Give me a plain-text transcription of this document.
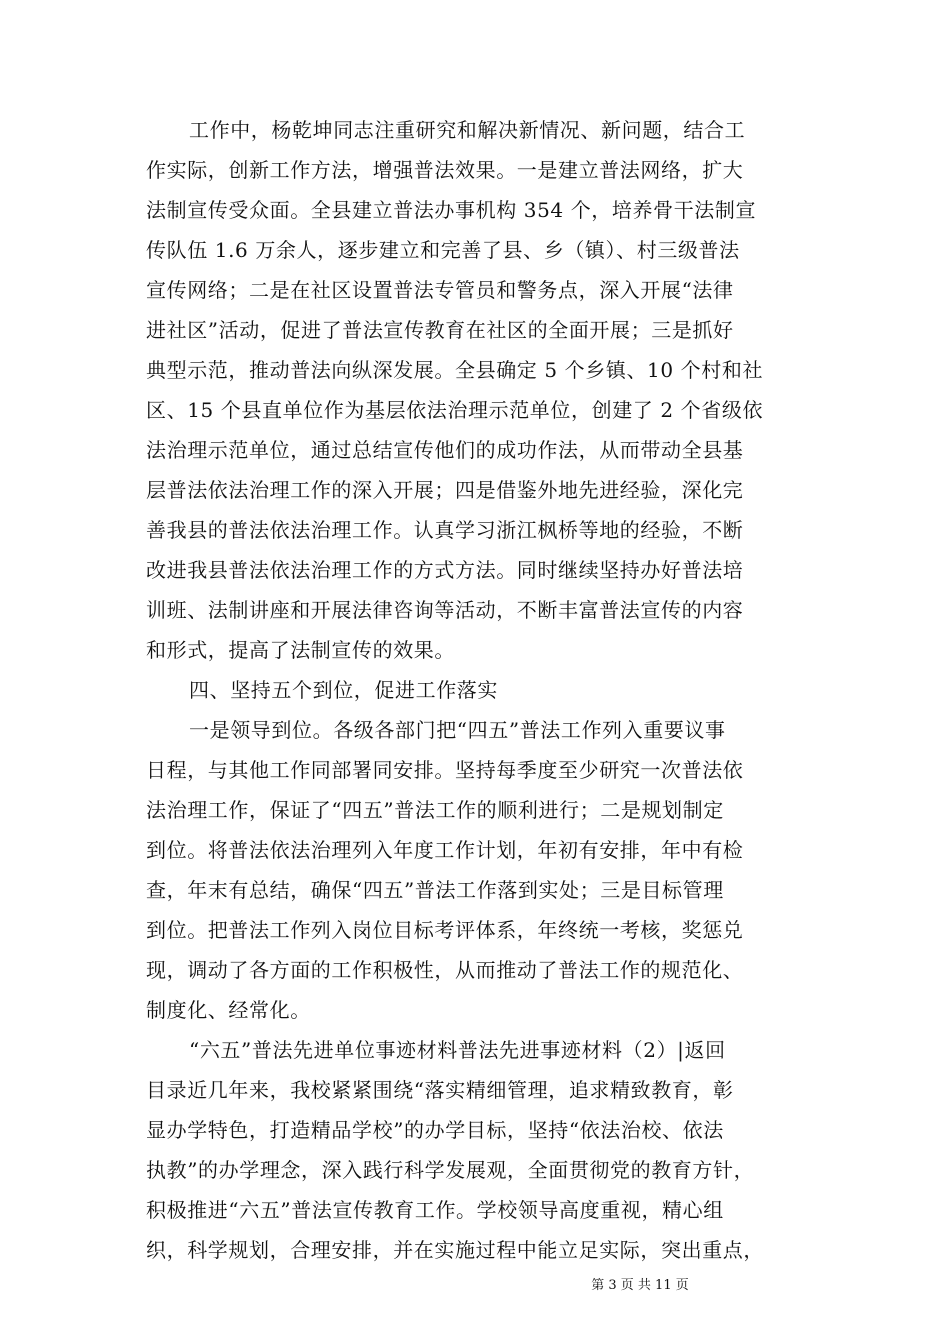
工作中，杨乾坤同志注重研究和解决新情况、新问题，结合工
作实际，创新工作方法，增强普法效果。一是建立普法网络，扩大
法制宣传受众面。全县建立普法办事机构 354 个，培养骨干法制宣
传队伍 1.6 万余人，逐步建立和完善了县、乡（镇）、村三级普法
宣传网络；二是在社区设置普法专管员和警务点，深入开展“法律
进社区”活动，促进了普法宣传教育在社区的全面开展；三是抓好
典型示范，推动普法向纵深发展。全县确定 5 个乡镇、10 个村和社
区、15 个县直单位作为基层依法治理示范单位，创建了 2 个省级依
法治理示范单位，通过总结宣传他们的成功作法，从而带动全县基
层普法依法治理工作的深入开展；四是借鉴外地先进经验，深化完
善我县的普法依法治理工作。认真学习浙江枫桥等地的经验，不断
改进我县普法依法治理工作的方式方法。同时继续坚持办好普法培
训班、法制讲座和开展法律咨询等活动，不断丰富普法宣传的内容
和形式，提高了法制宣传的效果。
四、坚持五个到位，促进工作落实
一是领导到位。各级各部门把“四五”普法工作列入重要议事
日程，与其他工作同部署同安排。坚持每季度至少研究一次普法依
法治理工作，保证了“四五”普法工作的顺利进行；二是规划制定
到位。将普法依法治理列入年度工作计划，年初有安排，年中有检
查，年末有总结，确保“四五”普法工作落到实处；三是目标管理
到位。把普法工作列入岗位目标考评体系，年终统一考核，奖惩兑
现，调动了各方面的工作积极性，从而推动了普法工作的规范化、
制度化、经常化。
“六五”普法先进单位事迹材料普法先进事迹材料（2）|返回
目录近几年来，我校紧紧围绕“落实精细管理，追求精致教育，彰
显办学特色，打造精品学校”的办学目标，坚持“依法治校、依法
执教”的办学理念，深入践行科学发展观，全面贯彻党的教育方针，
积极推进“六五”普法宣传教育工作。学校领导高度重视，精心组
织，科学规划，合理安排，并在实施过程中能立足实际，突出重点，
第 3 页 共 11 页
